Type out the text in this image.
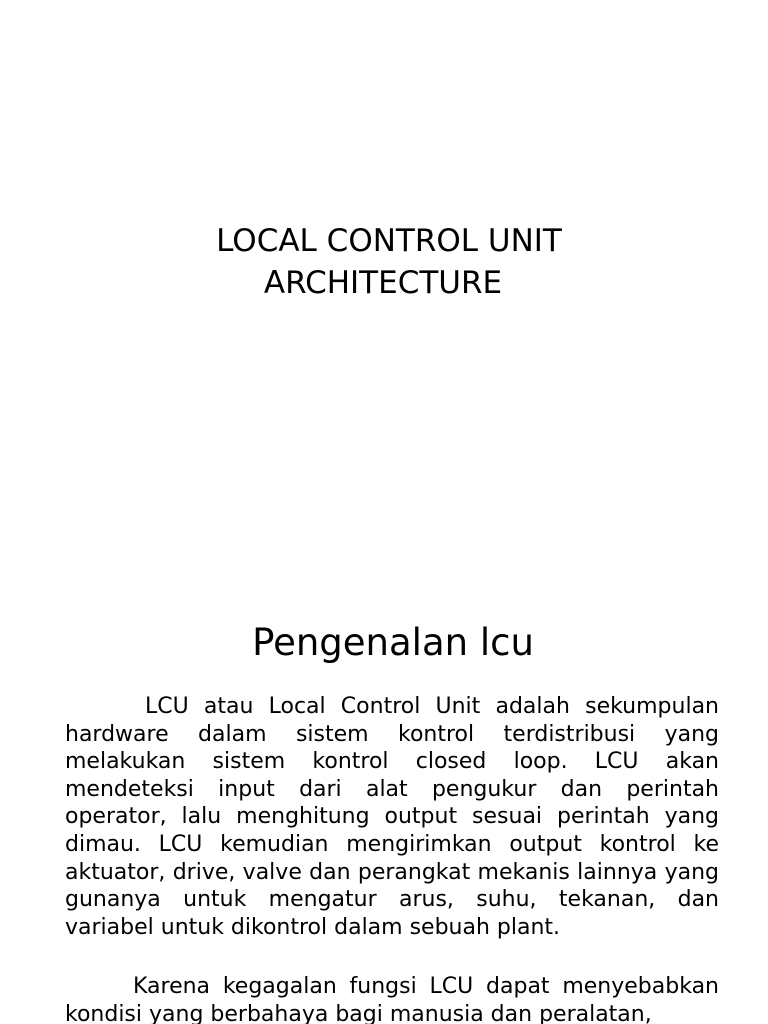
LOCAL CONTROL UNIT
ARCHITECTURE
Pengenalan lcu

LCU atau Local Control Unit adalah sekumpulan hardware dalam sistem kontrol terdistribusi yang melakukan sistem kontrol closed loop. LCU akan mendeteksi input dari alat pengukur dan perintah operator, lalu menghitung output sesuai perintah yang dimau. LCU kemudian mengirimkan output kontrol ke aktuator, drive, valve dan perangkat mekanis lainnya yang gunanya untuk mengatur arus, suhu, tekanan, dan variabel untuk dikontrol dalam sebuah plant.

Karena kegagalan fungsi LCU dapat menyebabkan kondisi yang berbahaya bagi manusia dan peralatan,
